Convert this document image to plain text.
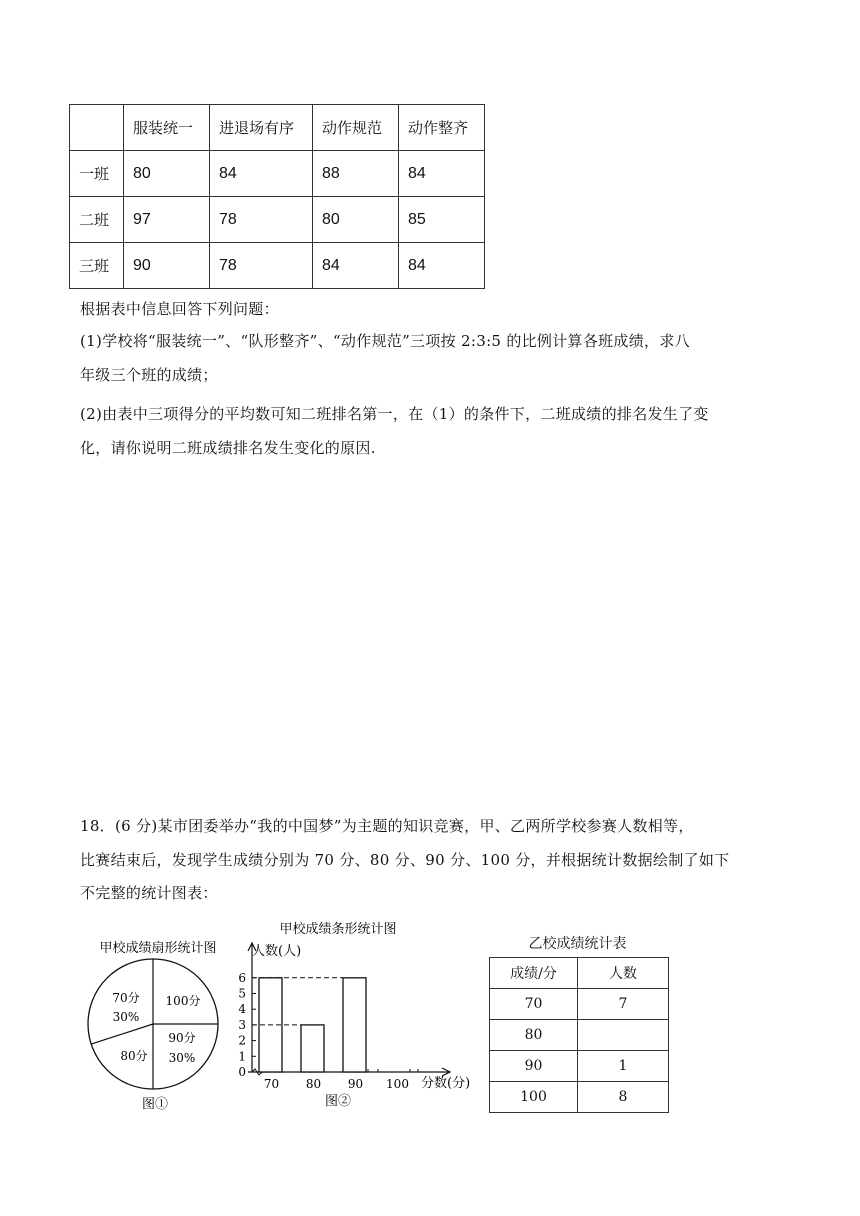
	服装统一	进退场有序	动作规范	动作整齐
一班	80	84	88	84
二班	97	78	80	85
三班	90	78	84	84
根据表中信息回答下列问题：
(1)学校将“服装统一”、“队形整齐”、“动作规范”三项按 2:3:5 的比例计算各班成绩，求八
年级三个班的成绩；
(2)由表中三项得分的平均数可知二班排名第一，在（1）的条件下，二班成绩的排名发生了变
化，请你说明二班成绩排名发生变化的原因.
18．(6 分)某市团委举办“我的中国梦”为主题的知识竞赛，甲、乙两所学校参赛人数相等，
比赛结束后，发现学生成绩分别为 70 分、80 分、90 分、100 分，并根据统计数据绘制了如下
不完整的统计图表：
甲校成绩扇形统计图
70分
30%
100分
90分
30%
80分
图①
甲校成绩条形统计图
人数(人)
分数(分)
图②
0
1
2
3
4
5
6
70 80 90 100
乙校成绩统计表
成绩/分	人数
70	7
80	
90	1
100	8
